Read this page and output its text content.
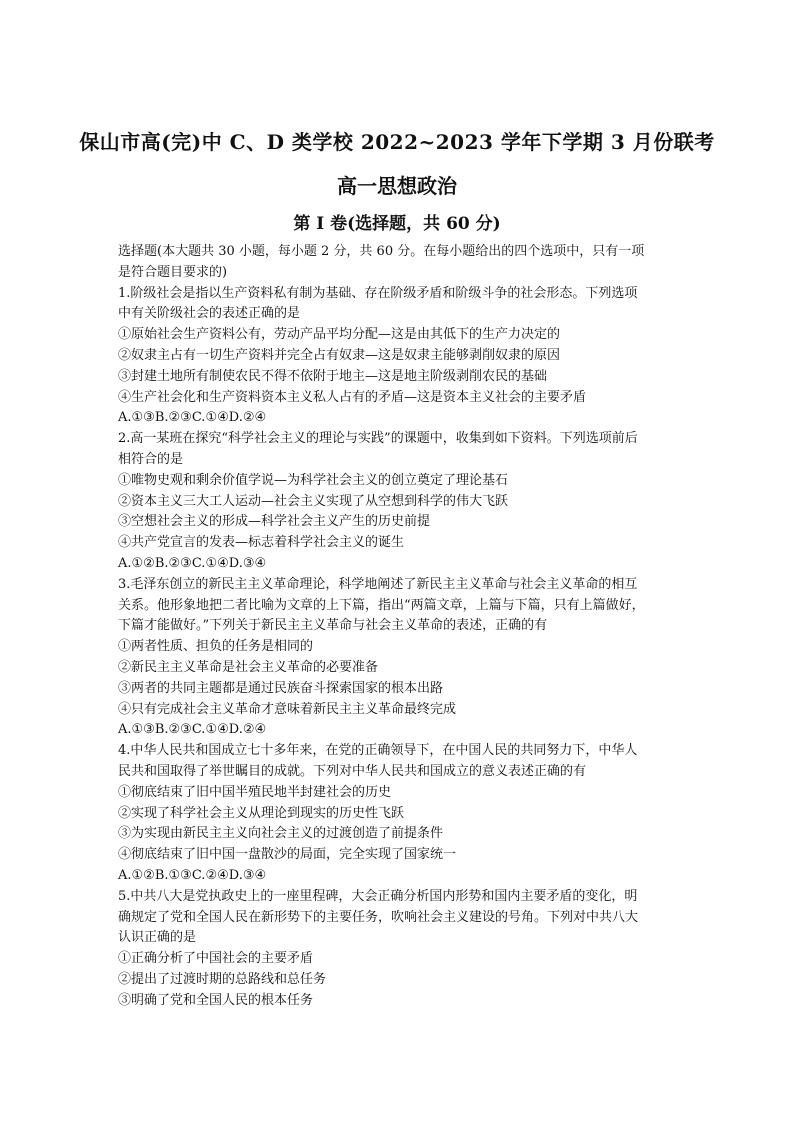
保山市高(完)中 C、D 类学校 2022~2023 学年下学期 3 月份联考
高一思想政治
第 I 卷(选择题，共 60 分)
选择题(本大题共 30 小题，每小题 2 分，共 60 分。在每小题给出的四个选项中，只有一项
是符合题目要求的)
1.阶级社会是指以生产资料私有制为基础、存在阶级矛盾和阶级斗争的社会形态。下列选项
中有关阶级社会的表述正确的是
①原始社会生产资料公有，劳动产品平均分配—这是由其低下的生产力决定的
②奴隶主占有一切生产资料并完全占有奴隶—这是奴隶主能够剥削奴隶的原因
③封建土地所有制使农民不得不依附于地主—这是地主阶级剥削农民的基础
④生产社会化和生产资料资本主义私人占有的矛盾—这是资本主义社会的主要矛盾
A.①③B.②③C.①④D.②④
2.高一某班在探究“科学社会主义的理论与实践”的课题中，收集到如下资料。下列选项前后
相符合的是
①唯物史观和剩余价值学说—为科学社会主义的创立奠定了理论基石
②资本主义三大工人运动—社会主义实现了从空想到科学的伟大飞跃
③空想社会主义的形成—科学社会主义产生的历史前提
④共产党宣言的发表—标志着科学社会主义的诞生
A.①②B.②③C.①④D.③④
3.毛泽东创立的新民主主义革命理论，科学地阐述了新民主主义革命与社会主义革命的相互
关系。他形象地把二者比喻为文章的上下篇，指出“两篇文章，上篇与下篇，只有上篇做好，
下篇才能做好。”下列关于新民主主义革命与社会主义革命的表述，正确的有
①两者性质、担负的任务是相同的
②新民主主义革命是社会主义革命的必要准备
③两者的共同主题都是通过民族奋斗探索国家的根本出路
④只有完成社会主义革命才意味着新民主主义革命最终完成
A.①③B.②③C.①④D.②④
4.中华人民共和国成立七十多年来，在党的正确领导下，在中国人民的共同努力下，中华人
民共和国取得了举世瞩目的成就。下列对中华人民共和国成立的意义表述正确的有
①彻底结束了旧中国半殖民地半封建社会的历史
②实现了科学社会主义从理论到现实的历史性飞跃
③为实现由新民主主义向社会主义的过渡创造了前提条件
④彻底结束了旧中国一盘散沙的局面，完全实现了国家统一
A.①②B.①③C.②④D.③④
5.中共八大是党执政史上的一座里程碑，大会正确分析国内形势和国内主要矛盾的变化，明
确规定了党和全国人民在新形势下的主要任务，吹响社会主义建设的号角。下列对中共八大
认识正确的是
①正确分析了中国社会的主要矛盾
②提出了过渡时期的总路线和总任务
③明确了党和全国人民的根本任务
